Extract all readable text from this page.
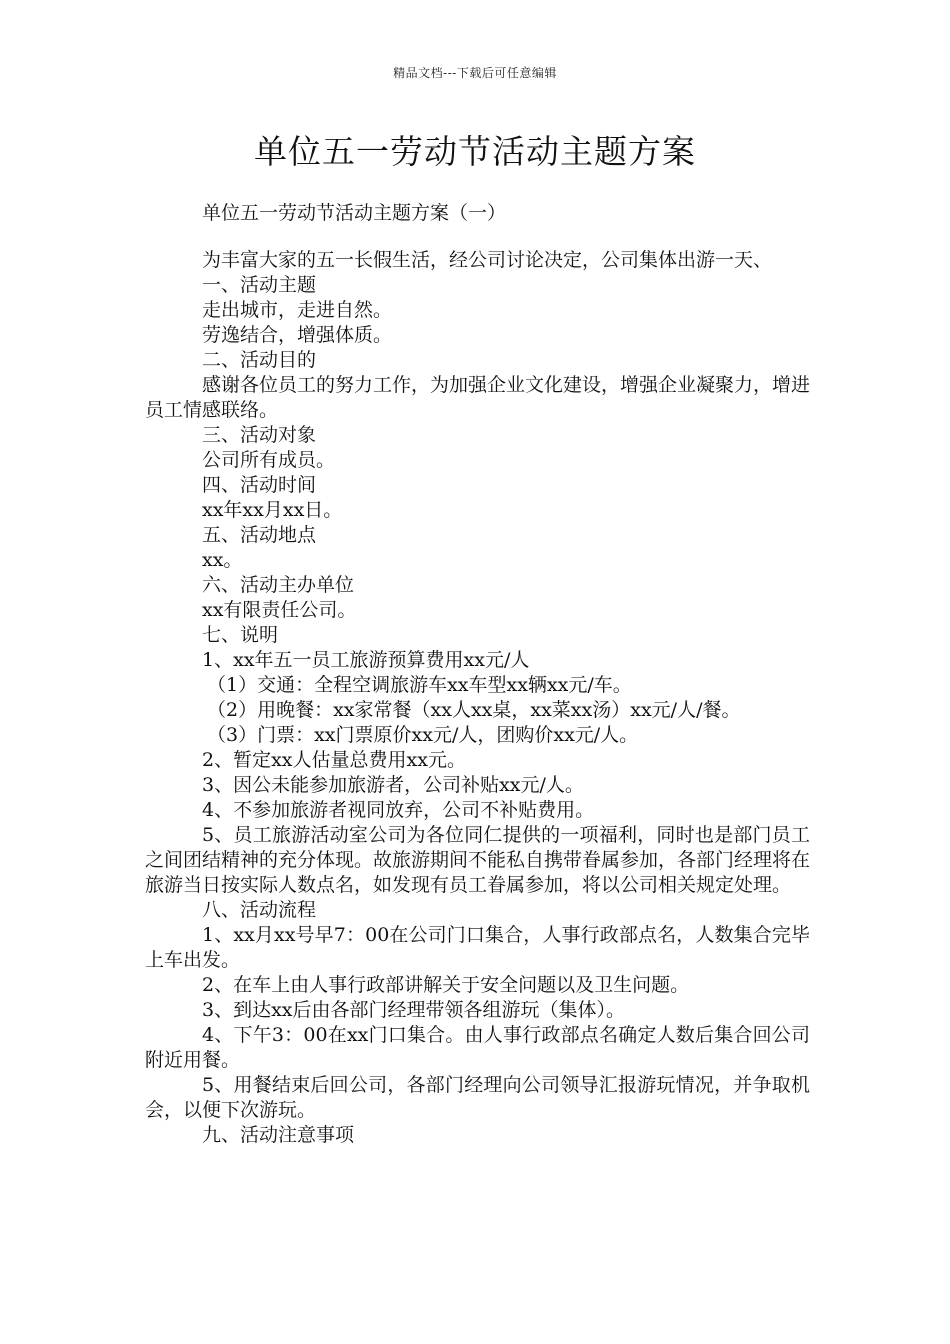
精品文档---下载后可任意编辑
单位五一劳动节活动主题方案
单位五一劳动节活动主题方案（一）

为丰富大家的五一长假生活，经公司讨论决定，公司集体出游一天、

一、活动主题

走出城市，走进自然。

劳逸结合，增强体质。

二、活动目的

感谢各位员工的努力工作，为加强企业文化建设，增强企业凝聚力，增进员工情感联络。

三、活动对象

公司所有成员。

四、活动时间

xx年xx月xx日。

五、活动地点

xx。

六、活动主办单位

xx有限责任公司。

七、说明

1、xx年五一员工旅游预算费用xx元/人

（1）交通：全程空调旅游车xx车型xx辆xx元/车。

（2）用晚餐：xx家常餐（xx人xx桌，xx菜xx汤）xx元/人/餐。

（3）门票：xx门票原价xx元/人，团购价xx元/人。

2、暂定xx人估量总费用xx元。

3、因公未能参加旅游者，公司补贴xx元/人。

4、不参加旅游者视同放弃，公司不补贴费用。

5、员工旅游活动室公司为各位同仁提供的一项福利，同时也是部门员工之间团结精神的充分体现。故旅游期间不能私自携带眷属参加，各部门经理将在旅游当日按实际人数点名，如发现有员工眷属参加，将以公司相关规定处理。

八、活动流程

1、xx月xx号早7：00在公司门口集合，人事行政部点名，人数集合完毕上车出发。

2、在车上由人事行政部讲解关于安全问题以及卫生问题。

3、到达xx后由各部门经理带领各组游玩（集体）。

4、下午3：00在xx门口集合。由人事行政部点名确定人数后集合回公司附近用餐。

5、用餐结束后回公司，各部门经理向公司领导汇报游玩情况，并争取机会，以便下次游玩。

九、活动注意事项
